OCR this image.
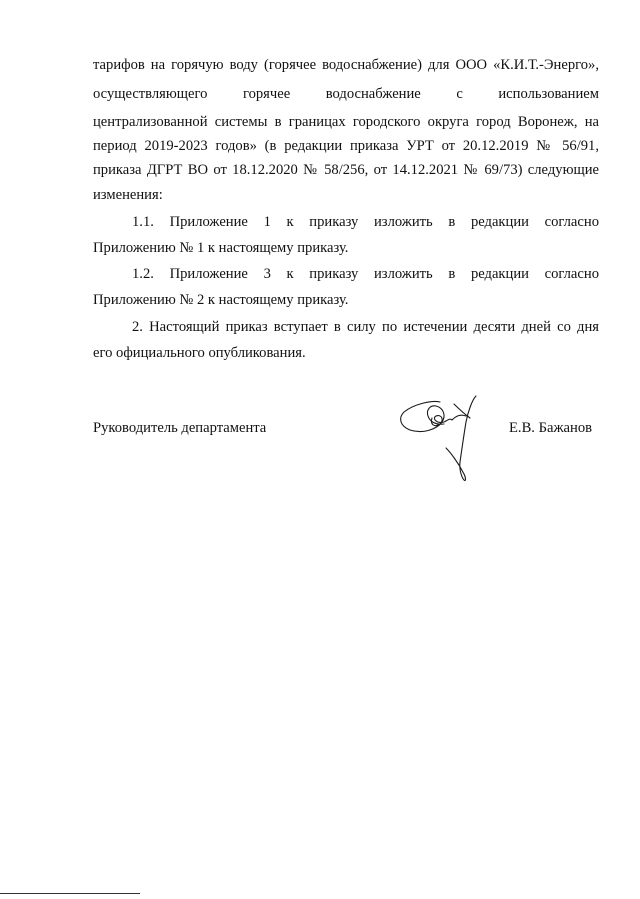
тарифов на горячую воду (горячее водоснабжение) для ООО «К.И.Т.-Энерго»,
осуществляющего горячее водоснабжение с использованием
централизованной системы в границах городского округа город Воронеж, на
период 2019-2023 годов» (в редакции приказа УРТ от 20.12.2019 № 56/91,
приказа ДГРТ ВО от 18.12.2020 № 58/256, от 14.12.2021 № 69/73) следующие
изменения:
1.1. Приложение 1 к приказу изложить в редакции согласно
Приложению № 1 к настоящему приказу.
1.2. Приложение 3 к приказу изложить в редакции согласно
Приложению № 2 к настоящему приказу.
2. Настоящий приказ вступает в силу по истечении десяти дней со дня
его официального опубликования.
Руководитель департамента	Е.В. Бажанов
